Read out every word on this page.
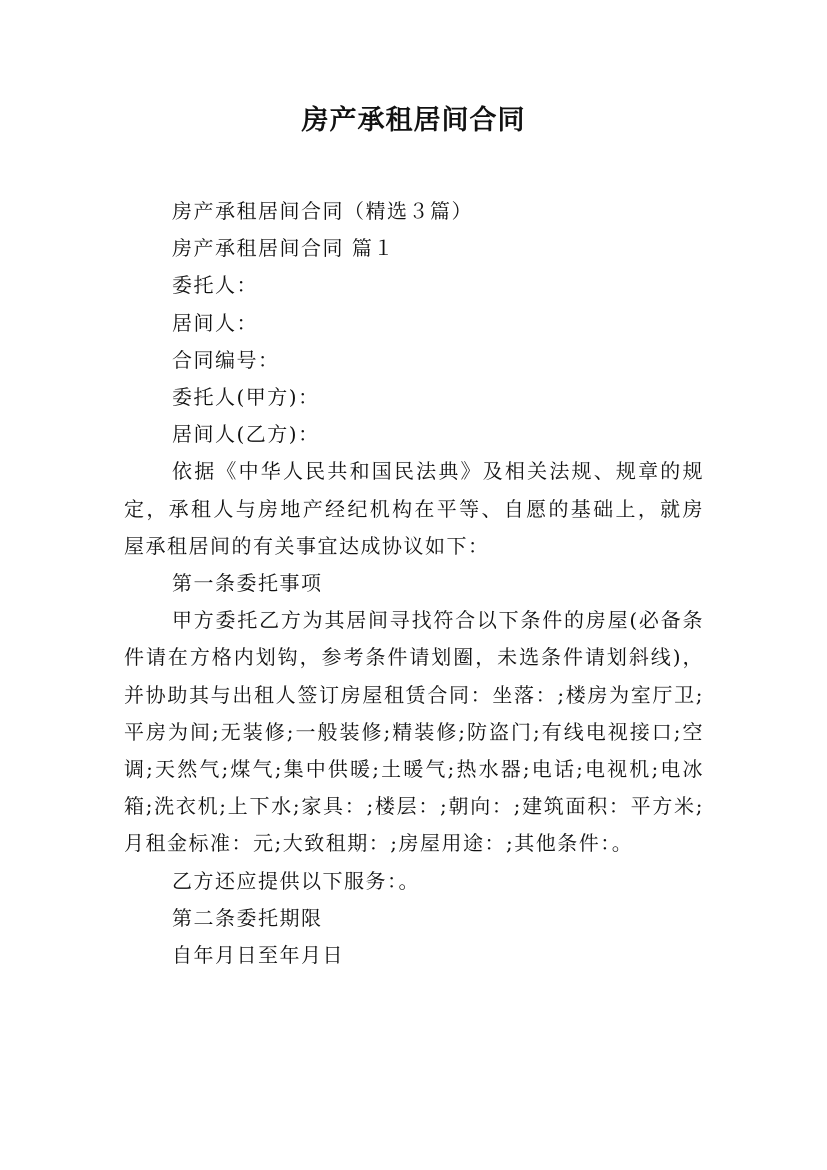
房产承租居间合同

房产承租居间合同（精选３篇）

房产承租居间合同 篇１

委托人：

居间人：

合同编号：

委托人(甲方)：

居间人(乙方)：

依据《中华人民共和国民法典》及相关法规、规章的规定，承租人与房地产经纪机构在平等、自愿的基础上，就房屋承租居间的有关事宜达成协议如下：

第一条委托事项

甲方委托乙方为其居间寻找符合以下条件的房屋(必备条件请在方格内划钩，参考条件请划圈，未选条件请划斜线)，并协助其与出租人签订房屋租赁合同：坐落：;楼房为室厅卫;平房为间;无装修;一般装修;精装修;防盗门;有线电视接口;空调;天然气;煤气;集中供暖;土暖气;热水器;电话;电视机;电冰箱;洗衣机;上下水;家具：;楼层：;朝向：;建筑面积：平方米;月租金标准：元;大致租期：;房屋用途：;其他条件：。

乙方还应提供以下服务：。

第二条委托期限

自年月日至年月日
